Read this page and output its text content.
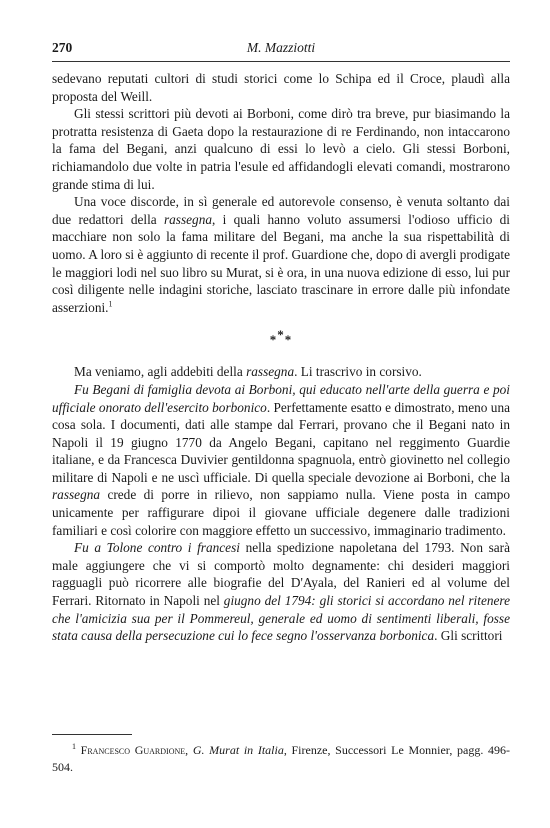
270	M. Mazziotti

sedevano reputati cultori di studi storici come lo Schipa ed il Croce, plaudì alla proposta del Weill.

Gli stessi scrittori più devoti ai Borboni, come dirò tra breve, pur biasimando la protratta resistenza di Gaeta dopo la restaurazione di re Ferdinando, non intaccarono la fama del Begani, anzi qualcuno di essi lo levò a cielo. Gli stessi Borboni, richiamandolo due volte in patria l'esule ed affidandogli elevati comandi, mostrarono grande stima di lui.

Una voce discorde, in sì generale ed autorevole consenso, è venuta soltanto dai due redattori della rassegna, i quali hanno voluto assumersi l'odioso ufficio di macchiare non solo la fama militare del Begani, ma anche la sua rispettabilità di uomo. A loro si è aggiunto di recente il prof. Guardione che, dopo di avergli prodigate le maggiori lodi nel suo libro su Murat, si è ora, in una nuova edizione di esso, lui pur così diligente nelle indagini storiche, lasciato trascinare in errore dalle più infondate asserzioni.$^1$

***

Ma veniamo, agli addebiti della rassegna. Li trascrivo in corsivo.

Fu Begani di famiglia devota ai Borboni, qui educato nell'arte della guerra e poi ufficiale onorato dell'esercito borbonico. Perfettamente esatto e dimostrato, meno una cosa sola. I documenti, dati alle stampe dal Ferrari, provano che il Begani nato in Napoli il 19 giugno 1770 da Angelo Begani, capitano nel reggimento Guardie italiane, e da Francesca Duvivier gentildonna spagnuola, entrò giovinetto nel collegio militare di Napoli e ne uscì ufficiale. Di quella speciale devozione ai Borboni, che la rassegna crede di porre in rilievo, non sappiamo nulla. Viene posta in campo unicamente per raffigurare dipoi il giovane ufficiale degenere dalle tradizioni familiari e così colorire con maggiore effetto un successivo, immaginario tradimento.

Fu a Tolone contro i francesi nella spedizione napoletana del 1793. Non sarà male aggiungere che vi si comportò molto degnamente: chi desideri maggiori ragguagli può ricorrere alle biografie del D'Ayala, del Ranieri ed al volume del Ferrari. Ritornato in Napoli nel giugno del 1794: gli storici si accordano nel ritenere che l'amicizia sua per il Pommereul, generale ed uomo di sentimenti liberali, fosse stata causa della persecuzione cui lo fece segno l'osservanza borbonica. Gli scrittori

$^1$ Francesco Guardione, G. Murat in Italia, Firenze, Successori Le Monnier, pagg. 496-504.
